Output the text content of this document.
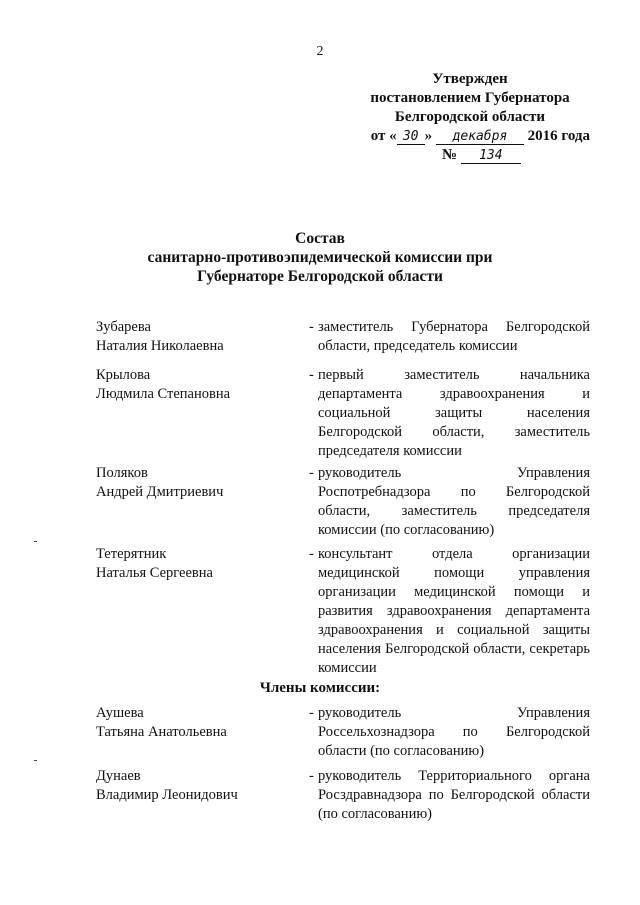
2
Утвержден
постановлением Губернатора
Белгородской области
от « 30 » декабря 2016 года
№ 134
Состав
санитарно-противоэпидемической комиссии при
Губернаторе Белгородской области
Зубарева
Наталия Николаевна
- заместитель Губернатора Белгородской области, председатель комиссии
Крылова
Людмила Степановна
- первый заместитель начальника департамента здравоохранения и социальной защиты населения Белгородской области, заместитель председателя комиссии
Поляков
Андрей Дмитриевич
- руководитель Управления Роспотребнадзора по Белгородской области, заместитель председателя комиссии (по согласованию)
Тетерятник
Наталья Сергеевна
- консультант отдела организации медицинской помощи управления организации медицинской помощи и развития здравоохранения департамента здравоохранения и социальной защиты населения Белгородской области, секретарь комиссии
Члены комиссии:
Аушева
Татьяна Анатольевна
- руководитель Управления Россельхознадзора по Белгородской области (по согласованию)
Дунаев
Владимир Леонидович
- руководитель Территориального органа Росздравнадзора по Белгородской области (по согласованию)
